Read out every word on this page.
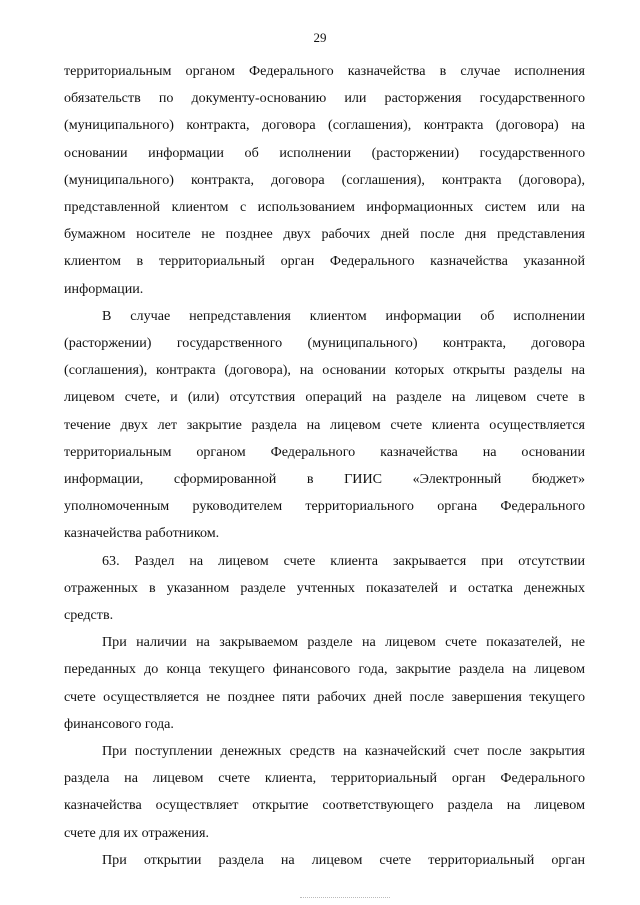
29
территориальным органом Федерального казначейства в случае исполнения
обязательств по документу-основанию или расторжения государственного
(муниципального) контракта, договора (соглашения), контракта (договора) на
основании информации об исполнении (расторжении) государственного
(муниципального) контракта, договора (соглашения), контракта (договора),
представленной клиентом с использованием информационных систем или на
бумажном носителе не позднее двух рабочих дней после дня представления
клиентом в территориальный орган Федерального казначейства указанной
информации.
В случае непредставления клиентом информации об исполнении
(расторжении) государственного (муниципального) контракта, договора
(соглашения), контракта (договора), на основании которых открыты разделы на
лицевом счете, и (или) отсутствия операций на разделе на лицевом счете в
течение двух лет закрытие раздела на лицевом счете клиента осуществляется
территориальным органом Федерального казначейства на основании
информации, сформированной в ГИИС «Электронный бюджет»
уполномоченным руководителем территориального органа Федерального
казначейства работником.
63. Раздел на лицевом счете клиента закрывается при отсутствии
отраженных в указанном разделе учтенных показателей и остатка денежных
средств.
При наличии на закрываемом разделе на лицевом счете показателей, не
переданных до конца текущего финансового года, закрытие раздела на лицевом
счете осуществляется не позднее пяти рабочих дней после завершения текущего
финансового года.
При поступлении денежных средств на казначейский счет после закрытия
раздела на лицевом счете клиента, территориальный орган Федерального
казначейства осуществляет открытие соответствующего раздела на лицевом
счете для их отражения.
При открытии раздела на лицевом счете территориальный орган
